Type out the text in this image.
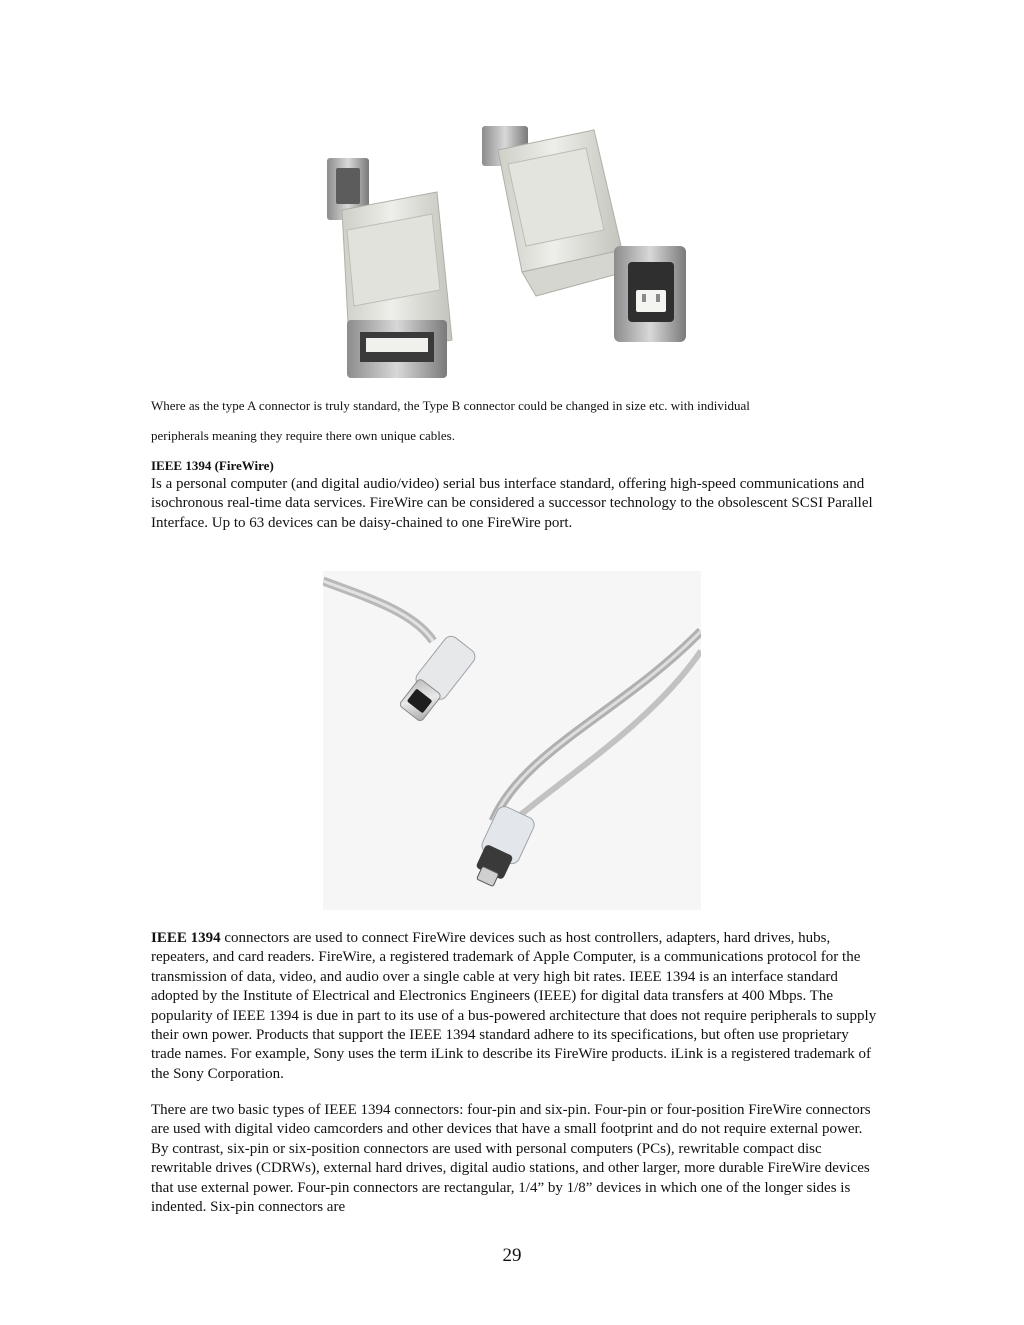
Where as the type A connector is truly standard, the Type B connector could be changed in size etc. with individual

peripherals meaning they require there own unique cables.

IEEE 1394 (FireWire)

Is a personal computer (and digital audio/video) serial bus interface standard, offering high-speed communications and isochronous real-time data services. FireWire can be considered a successor technology to the obsolescent SCSI Parallel Interface. Up to 63 devices can be daisy-chained to one FireWire port.

IEEE 1394 connectors are used to connect FireWire devices such as host controllers, adapters, hard drives, hubs, repeaters, and card readers. FireWire, a registered trademark of Apple Computer, is a communications protocol for the transmission of data, video, and audio over a single cable at very high bit rates. IEEE 1394 is an interface standard adopted by the Institute of Electrical and Electronics Engineers (IEEE) for digital data transfers at 400 Mbps. The popularity of IEEE 1394 is due in part to its use of a bus-powered architecture that does not require peripherals to supply their own power. Products that support the IEEE 1394 standard adhere to its specifications, but often use proprietary trade names. For example, Sony uses the term iLink to describe its FireWire products. iLink is a registered trademark of the Sony Corporation.

There are two basic types of IEEE 1394 connectors: four-pin and six-pin. Four-pin or four-position FireWire connectors are used with digital video camcorders and other devices that have a small footprint and do not require external power. By contrast, six-pin or six-position connectors are used with personal computers (PCs), rewritable compact disc rewritable drives (CDRWs), external hard drives, digital audio stations, and other larger, more durable FireWire devices that use external power. Four-pin connectors are rectangular, 1/4” by 1/8” devices in which one of the longer sides is indented. Six-pin connectors are

29
